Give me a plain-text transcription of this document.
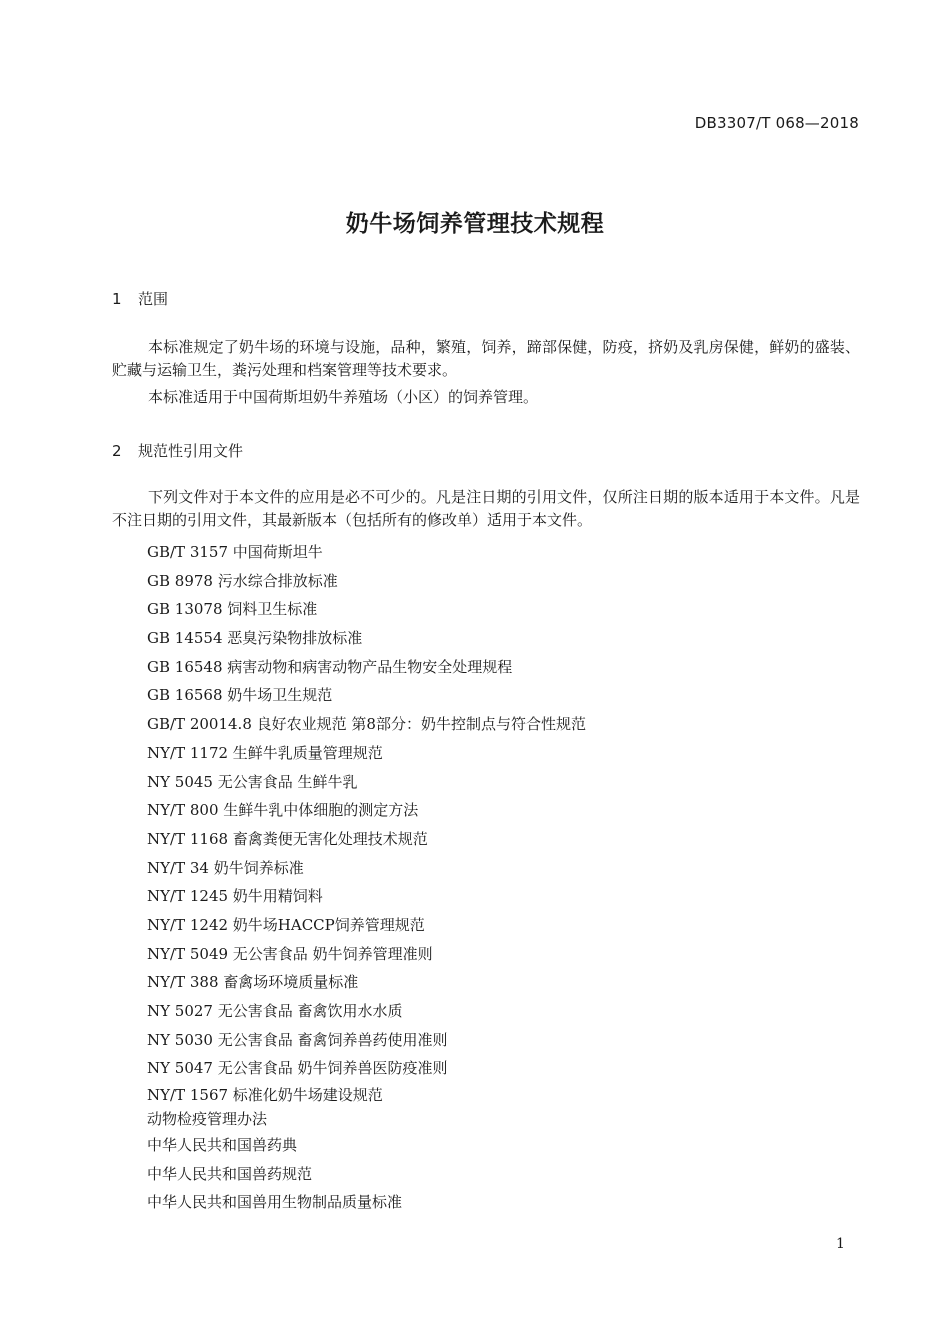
DB3307/T 068—2018
奶牛场饲养管理技术规程
1 范围
本标准规定了奶牛场的环境与设施，品种，繁殖，饲养，蹄部保健，防疫，挤奶及乳房保健，鲜奶的盛装、贮藏与运输卫生，粪污处理和档案管理等技术要求。
本标准适用于中国荷斯坦奶牛养殖场（小区）的饲养管理。
2 规范性引用文件
下列文件对于本文件的应用是必不可少的。凡是注日期的引用文件，仅所注日期的版本适用于本文件。凡是不注日期的引用文件，其最新版本（包括所有的修改单）适用于本文件。
GB/T 3157 中国荷斯坦牛
GB 8978 污水综合排放标准
GB 13078 饲料卫生标准
GB 14554 恶臭污染物排放标准
GB 16548 病害动物和病害动物产品生物安全处理规程
GB 16568 奶牛场卫生规范
GB/T 20014.8 良好农业规范 第8部分：奶牛控制点与符合性规范
NY/T 1172 生鲜牛乳质量管理规范
NY 5045 无公害食品 生鲜牛乳
NY/T 800 生鲜牛乳中体细胞的测定方法
NY/T 1168 畜禽粪便无害化处理技术规范
NY/T 34 奶牛饲养标准
NY/T 1245 奶牛用精饲料
NY/T 1242 奶牛场HACCP饲养管理规范
NY/T 5049 无公害食品 奶牛饲养管理准则
NY/T 388 畜禽场环境质量标准
NY 5027 无公害食品 畜禽饮用水水质
NY 5030 无公害食品 畜禽饲养兽药使用准则
NY 5047 无公害食品 奶牛饲养兽医防疫准则
NY/T 1567 标准化奶牛场建设规范
动物检疫管理办法
中华人民共和国兽药典
中华人民共和国兽药规范
中华人民共和国兽用生物制品质量标准
1
